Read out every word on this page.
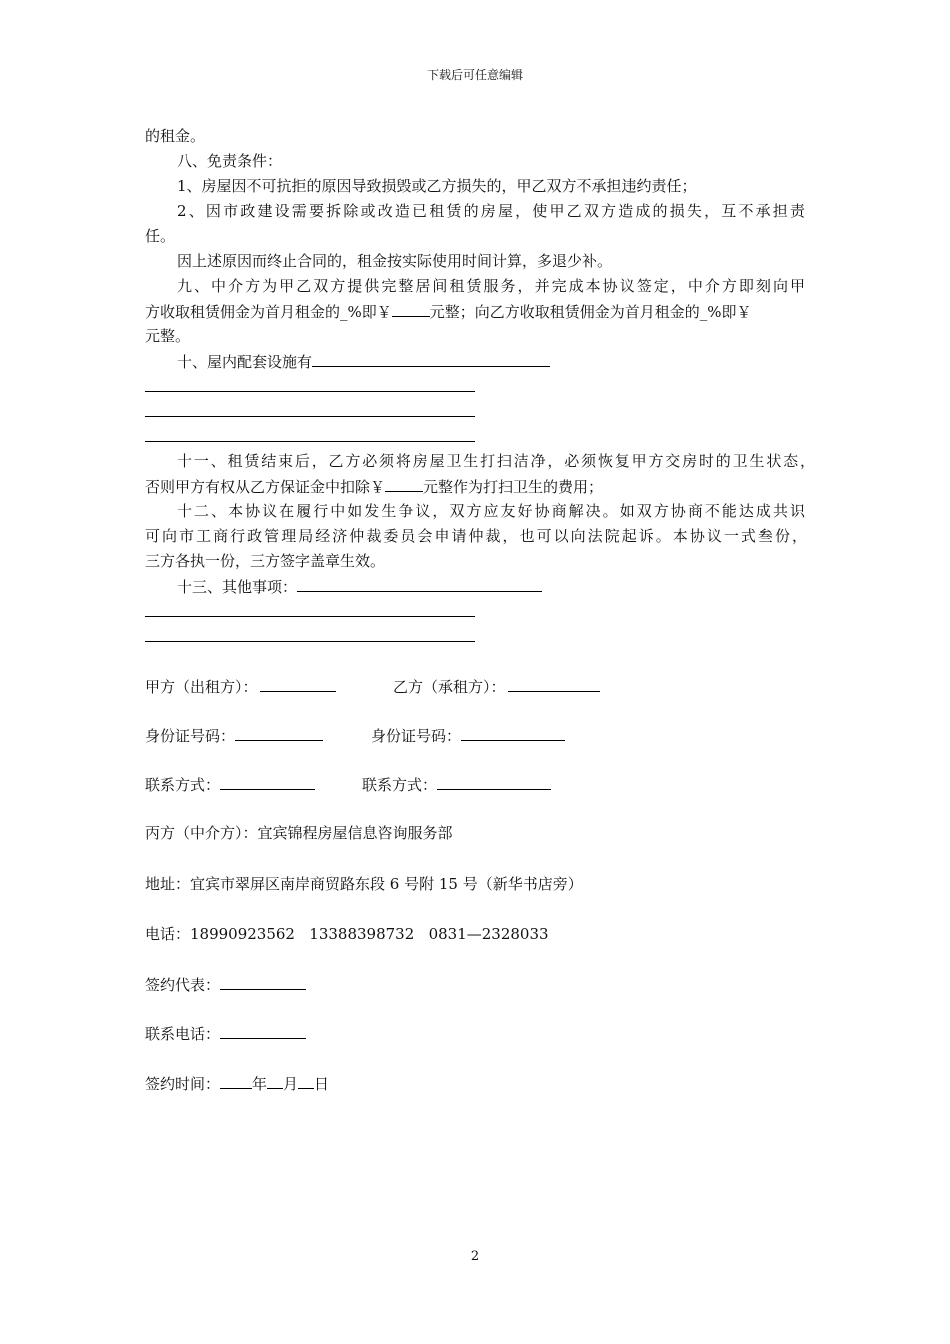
下载后可任意编辑
的租金。
八、免责条件：
1、房屋因不可抗拒的原因导致损毁或乙方损失的，甲乙双方不承担违约责任；
2、因市政建设需要拆除或改造已租赁的房屋，使甲乙双方造成的损失，互不承担责
任。
因上述原因而终止合同的，租金按实际使用时间计算，多退少补。
九、中介方为甲乙双方提供完整居间租赁服务，并完成本协议签定，中介方即刻向甲
方收取租赁佣金为首月租金的_%即￥	元整；向乙方收取租赁佣金为首月租金的_%即￥
元整。
十、屋内配套设施有
十一、租赁结束后，乙方必须将房屋卫生打扫洁净，必须恢复甲方交房时的卫生状态，
否则甲方有权从乙方保证金中扣除￥	元整作为打扫卫生的费用；
十二、本协议在履行中如发生争议，双方应友好协商解决。如双方协商不能达成共识
可向市工商行政管理局经济仲裁委员会申请仲裁，也可以向法院起诉。本协议一式叁份，
三方各执一份，三方签字盖章生效。
十三、其他事项：
甲方（出租方）：	乙方（承租方）：
身份证号码：	身份证号码：
联系方式：	联系方式：
丙方（中介方）：宜宾锦程房屋信息咨询服务部
地址：宜宾市翠屏区南岸商贸路东段 6 号附 15 号（新华书店旁）
电话：18990923562   13388398732   0831—2328033
签约代表：
联系电话：
签约时间： 年 月 日
2
